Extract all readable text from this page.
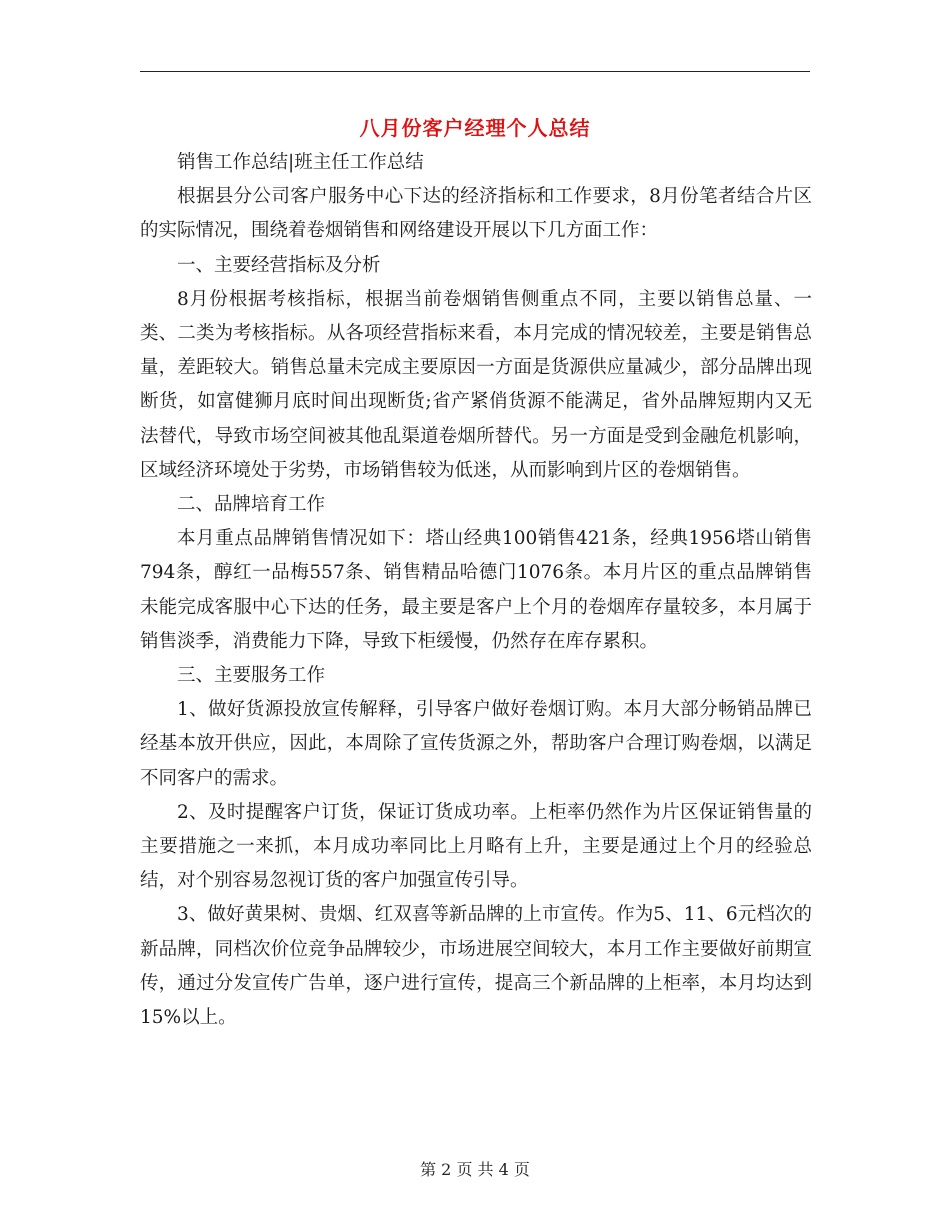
八月份客户经理个人总结

销售工作总结|班主任工作总结

根据县分公司客户服务中心下达的经济指标和工作要求，8月份笔者结合片区的实际情况，围绕着卷烟销售和网络建设开展以下几方面工作：

一、主要经营指标及分析

8月份根据考核指标，根据当前卷烟销售侧重点不同，主要以销售总量、一类、二类为考核指标。从各项经营指标来看，本月完成的情况较差，主要是销售总量，差距较大。销售总量未完成主要原因一方面是货源供应量减少，部分品牌出现断货，如富健狮月底时间出现断货;省产紧俏货源不能满足，省外品牌短期内又无法替代，导致市场空间被其他乱渠道卷烟所替代。另一方面是受到金融危机影响，区域经济环境处于劣势，市场销售较为低迷，从而影响到片区的卷烟销售。

二、品牌培育工作

本月重点品牌销售情况如下：塔山经典100销售421条，经典1956塔山销售794条，醇红一品梅557条、销售精品哈德门1076条。本月片区的重点品牌销售未能完成客服中心下达的任务，最主要是客户上个月的卷烟库存量较多，本月属于销售淡季，消费能力下降，导致下柜缓慢，仍然存在库存累积。

三、主要服务工作

1、做好货源投放宣传解释，引导客户做好卷烟订购。本月大部分畅销品牌已经基本放开供应，因此，本周除了宣传货源之外，帮助客户合理订购卷烟，以满足不同客户的需求。

2、及时提醒客户订货，保证订货成功率。上柜率仍然作为片区保证销售量的主要措施之一来抓，本月成功率同比上月略有上升，主要是通过上个月的经验总结，对个别容易忽视订货的客户加强宣传引导。

3、做好黄果树、贵烟、红双喜等新品牌的上市宣传。作为5、11、6元档次的新品牌，同档次价位竞争品牌较少，市场进展空间较大，本月工作主要做好前期宣传，通过分发宣传广告单，逐户进行宣传，提高三个新品牌的上柜率，本月均达到15%以上。

第 2 页 共 4 页
